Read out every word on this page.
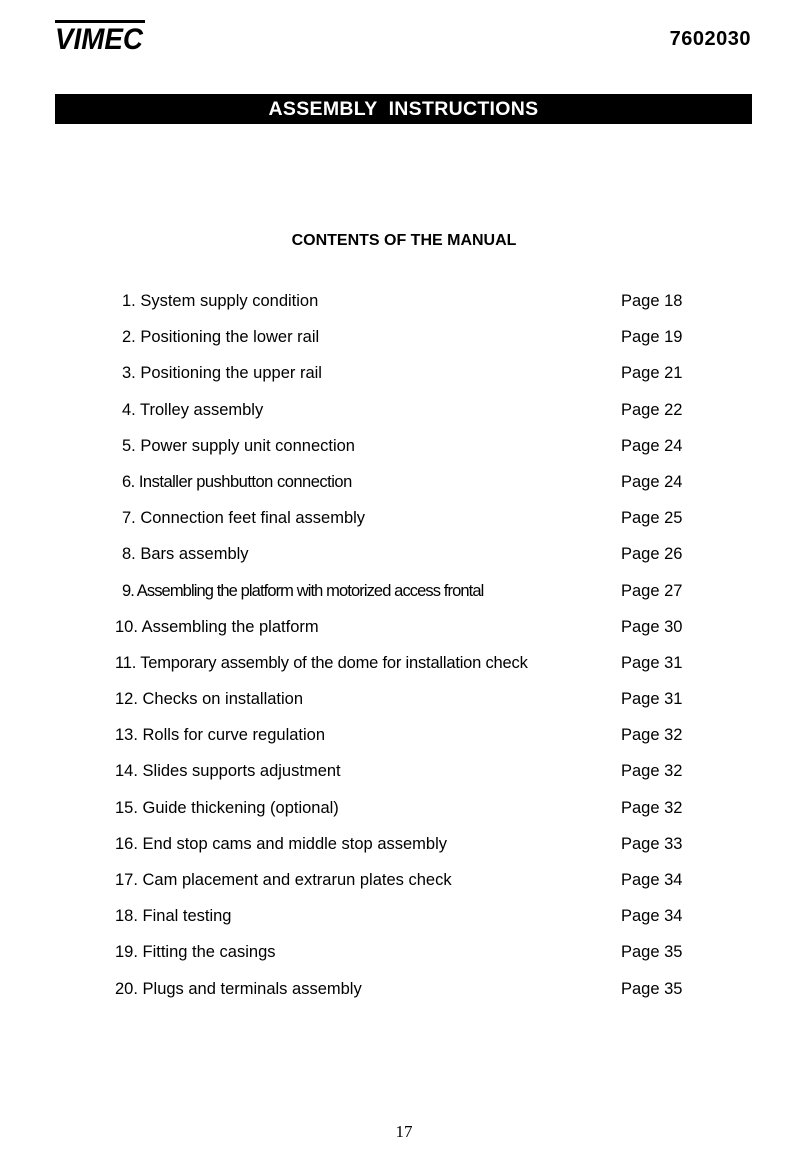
VIMEC	7602030
ASSEMBLY  INSTRUCTIONS
CONTENTS OF THE MANUAL
1. System supply condition	Page 18
2. Positioning the lower rail	Page 19
3. Positioning the upper rail	Page 21
4. Trolley assembly	Page 22
5. Power supply unit connection	Page 24
6. Installer pushbutton connection	Page 24
7. Connection feet final assembly	Page 25
8. Bars assembly	Page 26
9. Assembling the platform with motorized access frontal	Page 27
10. Assembling the platform	Page 30
11. Temporary assembly of the dome for installation check	Page 31
12. Checks on installation	Page 31
13. Rolls for curve regulation	Page 32
14. Slides supports adjustment	Page 32
15. Guide thickening (optional)	Page 32
16. End stop cams and middle stop assembly	Page 33
17. Cam placement and extrarun plates check	Page 34
18. Final testing	Page 34
19. Fitting the casings	Page 35
20. Plugs and terminals assembly	Page 35
17
